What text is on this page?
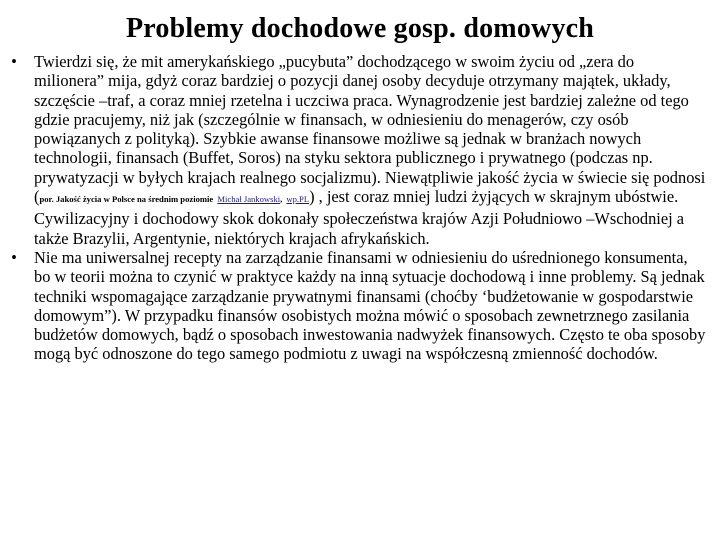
Problemy dochodowe gosp. domowych
• Twierdzi się, że mit amerykańskiego „pucybuta” dochodzącego w swoim życiu od „zera do milionera” mija, gdyż coraz bardziej o pozycji danej osoby decyduje otrzymany majątek, układy, szczęście –traf, a coraz mniej rzetelna i uczciwa praca. Wynagrodzenie jest bardziej zależne od tego gdzie pracujemy, niż jak (szczególnie w finansach, w odniesieniu do menagerów, czy osób powiązanych z polityką). Szybkie awanse finansowe możliwe są jednak w branżach nowych technologii, finansach (Buffet, Soros) na styku sektora publicznego i prywatnego (podczas np. prywatyzacji w byłych krajach realnego socjalizmu). Niewątpliwie jakość życia w świecie się podnosi (por. Jakość życia w Polsce na średnim poziomie Michał Jankowski, wp.PL) , jest coraz mniej ludzi żyjących w skrajnym ubóstwie. Cywilizacyjny i dochodowy skok dokonały społeczeństwa krajów Azji Południowo –Wschodniej a także Brazylii, Argentynie, niektórych krajach afrykańskich.
• Nie ma uniwersalnej recepty na zarządzanie finansami w odniesieniu do uśrednionego konsumenta, bo w teorii można to czynić w praktyce każdy na inną sytuacje dochodową i inne problemy. Są jednak techniki wspomagające zarządzanie prywatnymi finansami (choćby ‘budżetowanie w gospodarstwie domowym”). W przypadku finansów osobistych można mówić o sposobach zewnetrznego zasilania budżetów domowych, bądź o sposobach inwestowania nadwyżek finansowych. Często te oba sposoby mogą być odnoszone do tego samego podmiotu z uwagi na współczesną zmienność dochodów.
